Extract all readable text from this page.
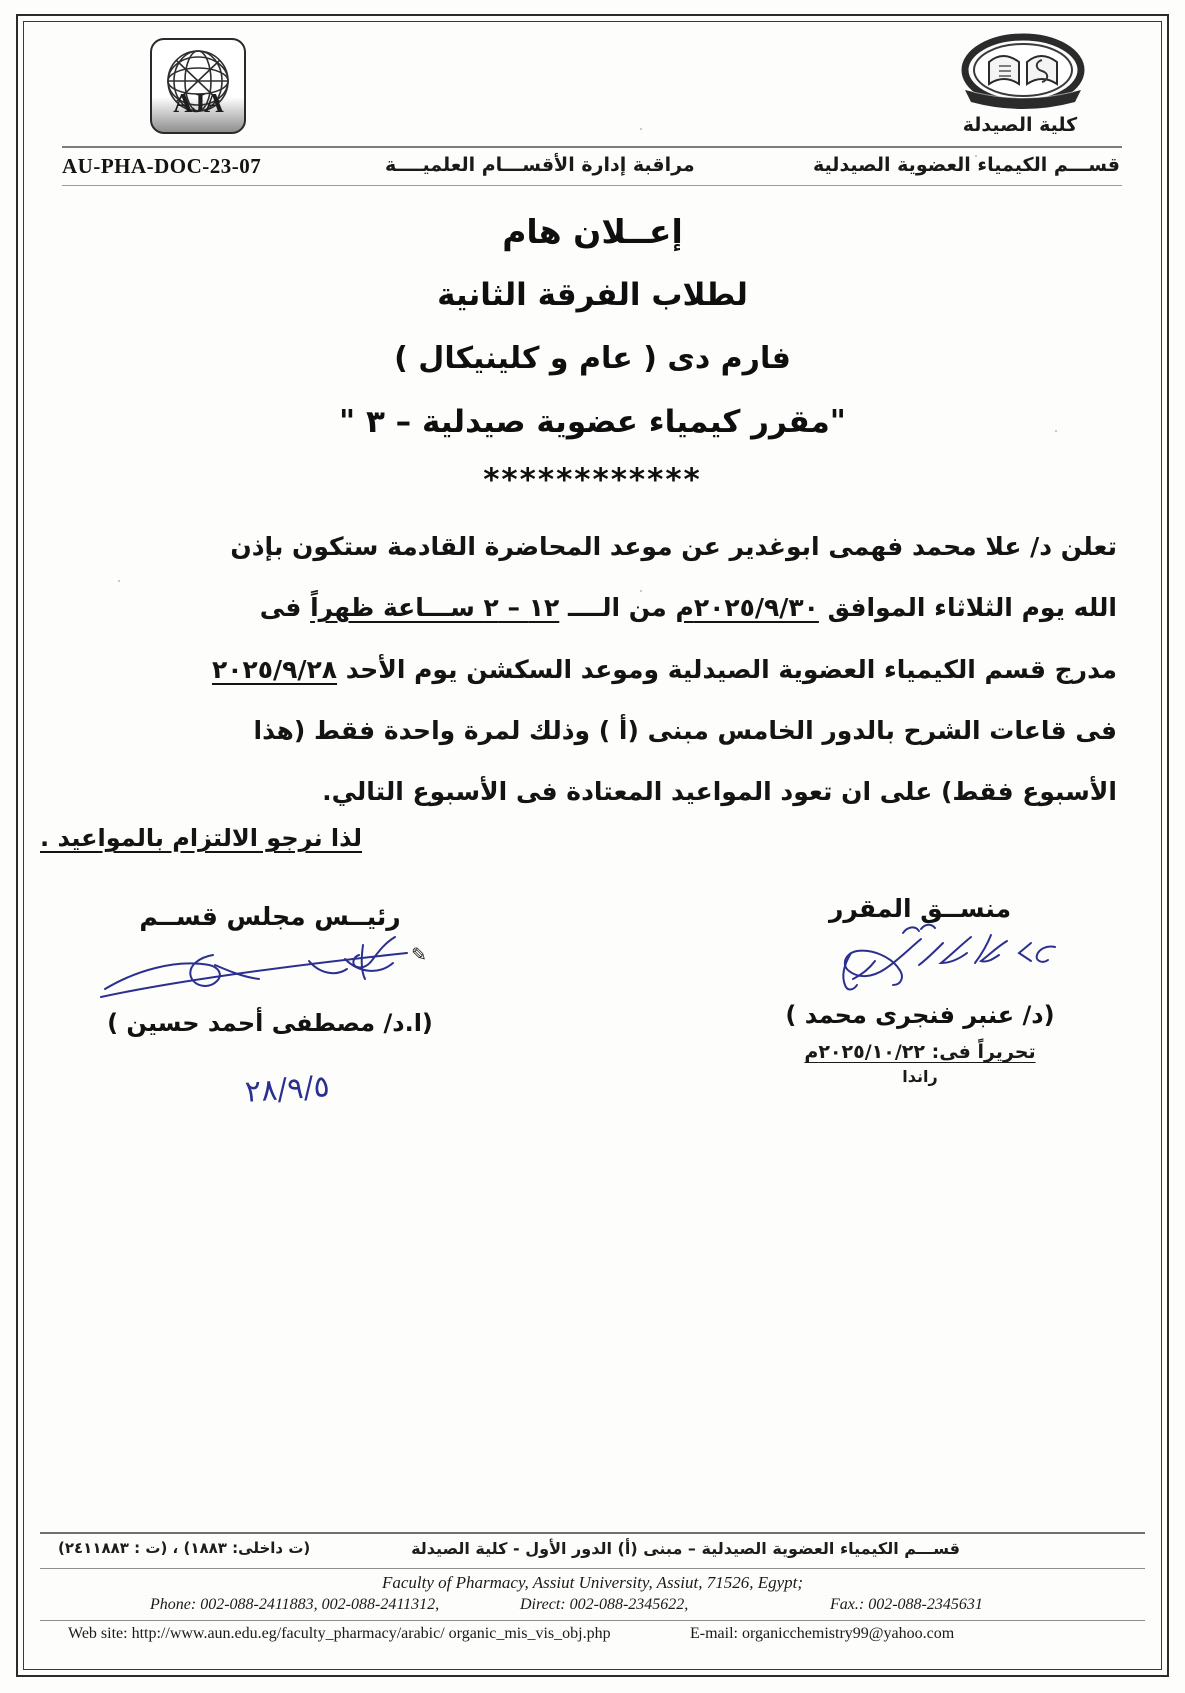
AJA
كلية الصيدلة
AU-PHA-DOC-23-07	مراقبة إدارة الأقســـام العلميــــة	قســـم الكيمياء العضوية الصيدلية
إعــلان هام
لطلاب الفرقة الثانية
فارم دى ( عام و كلينيكال )
"مقرر كيمياء عضوية صيدلية – ٣ "
************
تعلن د/ علا محمد فهمى ابوغدير عن موعد المحاضرة القادمة ستكون بإذن
الله يوم الثلاثاء الموافق ٢٠٢٥/٩/٣٠م من الــــ ١٢ – ٢ ســـاعة ظهراً فى
مدرج قسم الكيمياء العضوية الصيدلية وموعد السكشن يوم الأحد ٢٠٢٥/٩/٢٨
فى قاعات الشرح بالدور الخامس مبنى (أ ) وذلك لمرة واحدة فقط (هذا
الأسبوع فقط) على ان تعود المواعيد المعتادة فى الأسبوع التالي.
لذا نرجو الالتزام بالمواعيد .
منســق المقرر
(د/ عنبر فنجرى محمد )
تحريراً فى: ٢٠٢٥/١٠/٢٢م
راندا
رئيــس مجلس قســم
✎
(ا.د/ مصطفى أحمد حسين )
٢٨/٩/٥
قســـم الكيمياء العضوية الصيدلية – مبنى (أ) الدور الأول - كلية الصيدلة
(ت داخلى: ١٨٨٣) ، (ت : ٢٤١١٨٨٣)
Faculty of Pharmacy, Assiut University, Assiut, 71526, Egypt;
Phone: 002-088-2411883, 002-088-2411312,	Direct: 002-088-2345622,	Fax.: 002-088-2345631
Web site: http://www.aun.edu.eg/faculty_pharmacy/arabic/ organic_mis_vis_obj.php	E-mail: organicchemistry99@yahoo.com
